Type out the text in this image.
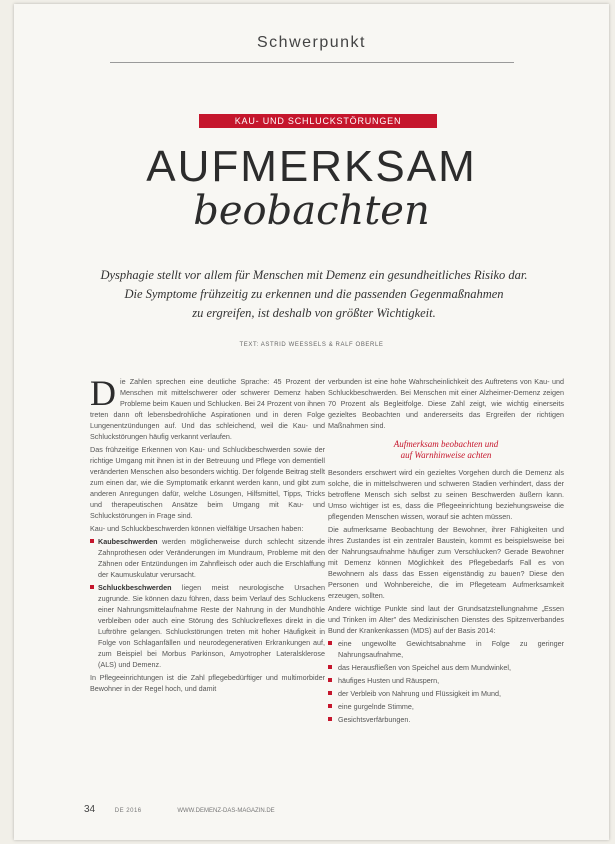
Schwerpunkt
KAU- UND SCHLUCKSTÖRUNGEN
AUFMERKSAM
beobachten
Dysphagie stellt vor allem für Menschen mit Demenz ein gesundheitliches Risiko dar.
Die Symptome frühzeitig zu erkennen und die passenden Gegenmaßnahmen
zu ergreifen, ist deshalb von größter Wichtigkeit.
TEXT: ASTRID WEESSELS & RALF OBERLE

D ie Zahlen sprechen eine deutliche Sprache: 45 Prozent der Menschen mit mittelschwerer oder schwerer Demenz haben Probleme beim Kauen und Schlucken. Bei 24 Prozent von ihnen treten dann oft lebensbedrohliche Aspirationen und in deren Folge Lungenentzündungen auf. Und das schleichend, weil die Kau- und Schluckstörungen häufig verkannt verlaufen.

Das frühzeitige Erkennen von Kau- und Schluckbeschwerden sowie der richtige Umgang mit ihnen ist in der Betreuung und Pflege von dementiell veränderten Menschen also besonders wichtig. Der folgende Beitrag stellt zum einen dar, wie die Symptomatik erkannt werden kann, und gibt zum anderen Anregungen dafür, welche Lösungen, Hilfsmittel, Tipps, Tricks und therapeutischen Ansätze beim Umgang mit Kau- und Schluckstörungen in Frage sind.

Kau- und Schluckbeschwerden können vielfältige Ursachen haben:

Kaubeschwerden werden möglicherweise durch schlecht sitzende Zahnprothesen oder Veränderungen im Mundraum, Probleme mit den Zähnen oder Entzündungen im Zahnfleisch oder auch die Erschlaffung der Kaumuskulatur verursacht.

Schluckbeschwerden liegen meist neurologische Ursachen zugrunde. Sie können dazu führen, dass beim Verlauf des Schluckens einer Nahrungsmittelaufnahme Reste der Nahrung in der Mundhöhle verbleiben oder auch eine Störung des Schluckreflexes direkt in die Luftröhre gelangen. Schluckstörungen treten mit hoher Häufigkeit in Folge von Schlaganfällen und neurodegenerativen Erkrankungen auf, zum Beispiel bei Morbus Parkinson, Amyotropher Lateralsklerose (ALS) und Demenz.

In Pflegeeinrichtungen ist die Zahl pflegebedürftiger und multimorbider Bewohner in der Regel hoch, und damit

verbunden ist eine hohe Wahrscheinlichkeit des Auftretens von Kau- und Schluckbeschwerden. Bei Menschen mit einer Alzheimer-Demenz zeigen 70 Prozent als Begleitfolge. Diese Zahl zeigt, wie wichtig einerseits gezieltes Beobachten und andererseits das Ergreifen der richtigen Maßnahmen sind.

Aufmerksam beobachten und
auf Warnhinweise achten

Besonders erschwert wird ein gezieltes Vorgehen durch die Demenz als solche, die in mittelschweren und schweren Stadien verhindert, dass der betroffene Mensch sich selbst zu seinen Beschwerden äußern kann. Umso wichtiger ist es, dass die Pflegeeinrichtung beziehungsweise die pflegenden Menschen wissen, worauf sie achten müssen.

Die aufmerksame Beobachtung der Bewohner, ihrer Fähigkeiten und ihres Zustandes ist ein zentraler Baustein, kommt es beispielsweise bei der Nahrungsaufnahme häufiger zum Verschlucken? Gerade Bewohner mit Demenz können Möglichkeit des Pflegebedarfs Fall es von Bewohnern als dass das Essen eigenständig zu bauen? Diese den Personen und Wohnbereiche, die im Pflegeteam Aufmerksamkeit erzeugen, sollten.

Andere wichtige Punkte sind laut der Grundsatzstellungnahme „Essen und Trinken im Alter" des Medizinischen Dienstes des Spitzenverbandes Bund der Krankenkassen (MDS) auf der Basis 2014:

eine ungewollte Gewichtsabnahme in Folge zu geringer Nahrungsaufnahme,

das Herausfließen von Speichel aus dem Mundwinkel,

häufiges Husten und Räuspern,

der Verbleib von Nahrung und Flüssigkeit im Mund,

eine gurgelnde Stimme,

Gesichtsverfärbungen.

34	DE 2016	WWW.DEMENZ-DAS-MAGAZIN.DE
